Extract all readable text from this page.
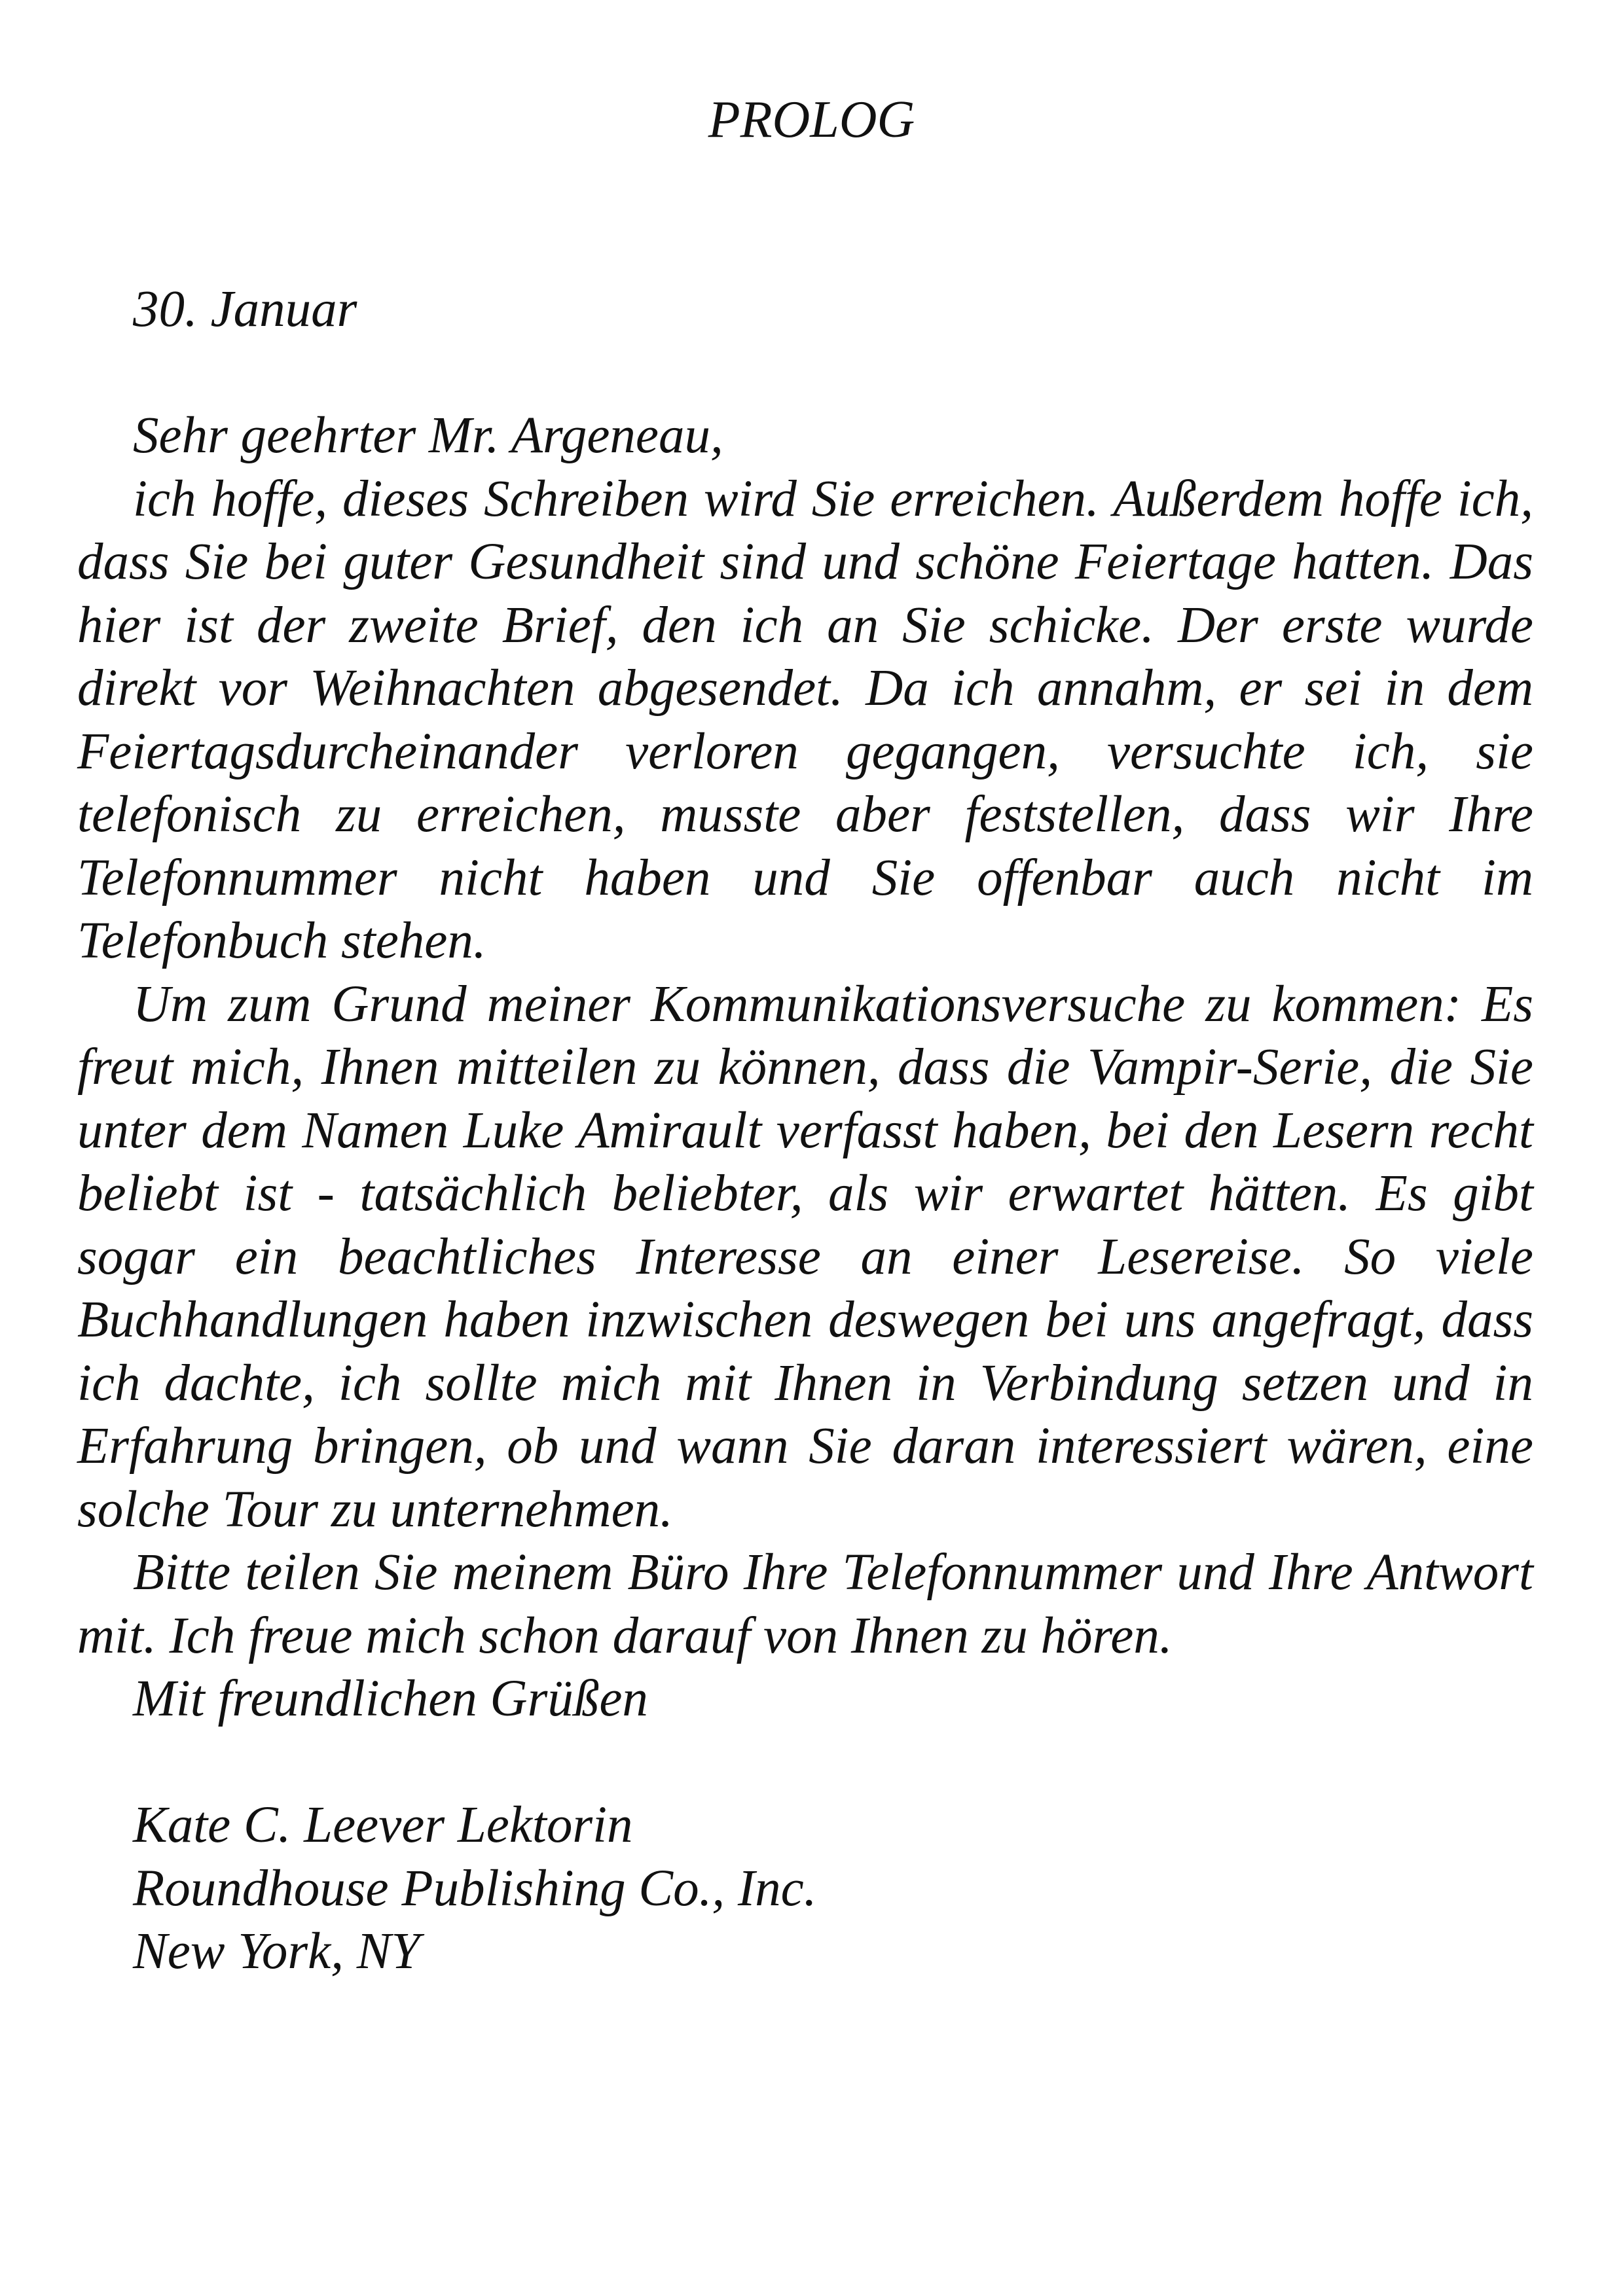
PROLOG

30. Januar

Sehr geehrter Mr. Argeneau,

ich hoffe, dieses Schreiben wird Sie erreichen. Außerdem hoffe ich, dass Sie bei guter Gesundheit sind und schöne Feiertage hatten. Das hier ist der zweite Brief, den ich an Sie schicke. Der erste wurde direkt vor Weihnachten abgesendet. Da ich annahm, er sei in dem Feiertagsdurcheinander verloren gegangen, versuchte ich, sie telefonisch zu erreichen, musste aber feststellen, dass wir Ihre Telefonnummer nicht haben und Sie offenbar auch nicht im Telefonbuch stehen.

Um zum Grund meiner Kommunikationsversuche zu kommen: Es freut mich, Ihnen mitteilen zu können, dass die Vampir-Serie, die Sie unter dem Namen Luke Amirault verfasst haben, bei den Lesern recht beliebt ist - tatsächlich beliebter, als wir erwartet hätten. Es gibt sogar ein beachtliches Interesse an einer Lesereise. So viele Buchhandlungen haben inzwischen deswegen bei uns angefragt, dass ich dachte, ich sollte mich mit Ihnen in Verbindung setzen und in Erfahrung bringen, ob und wann Sie daran interessiert wären, eine solche Tour zu unternehmen.

Bitte teilen Sie meinem Büro Ihre Telefonnummer und Ihre Antwort mit. Ich freue mich schon darauf von Ihnen zu hören.

Mit freundlichen Grüßen

Kate C. Leever Lektorin

Roundhouse Publishing Co., Inc.

New York, NY
